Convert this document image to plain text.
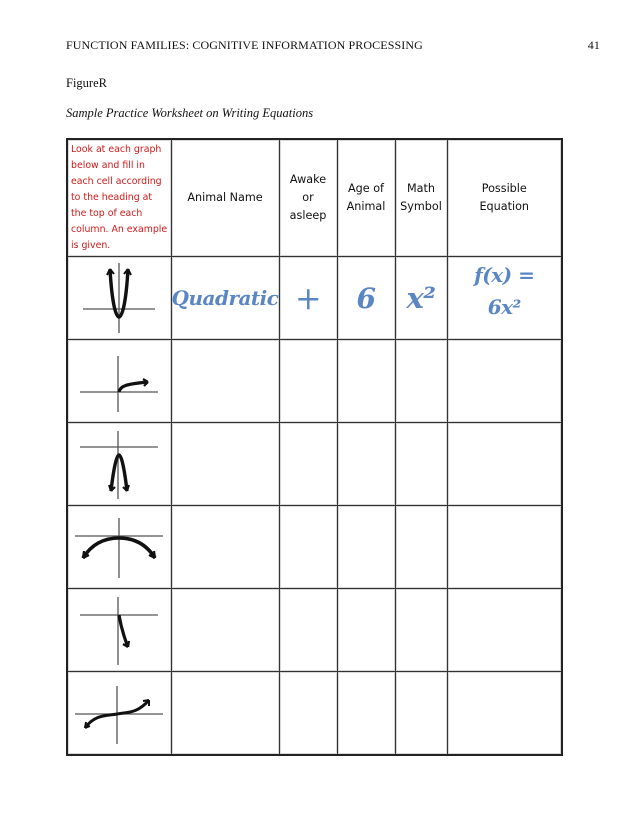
FUNCTION FAMILIES: COGNITIVE INFORMATION PROCESSING	41
FigureR
Sample Practice Worksheet on Writing Equations
Look at each graph below and fill in each cell according to the heading at the top of each column. An example is given.	Animal Name	Awake or asleep	Age of Animal	Math Symbol	Possible Equation

	Quadratic	+	6	x²	f(x) =
6x²
